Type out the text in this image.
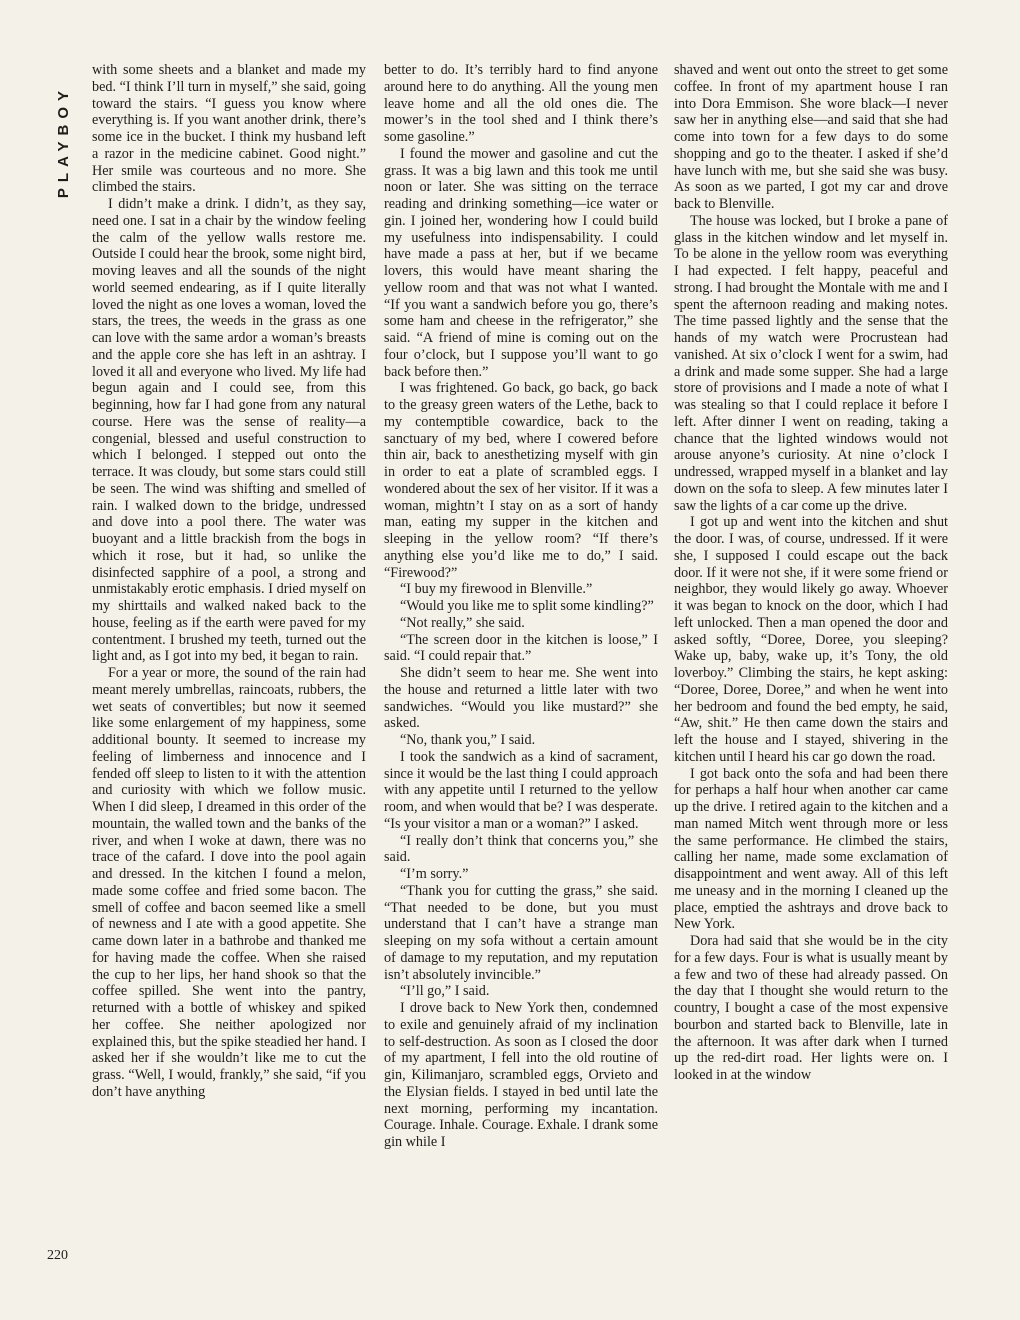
PLAYBOY

with some sheets and a blanket and made my bed. “I think I’ll turn in myself,” she said, going toward the stairs. “I guess you know where everything is. If you want another drink, there’s some ice in the bucket. I think my husband left a razor in the medicine cabinet. Good night.” Her smile was courteous and no more. She climbed the stairs.

I didn’t make a drink. I didn’t, as they say, need one. I sat in a chair by the window feeling the calm of the yellow walls restore me. Outside I could hear the brook, some night bird, moving leaves and all the sounds of the night world seemed endearing, as if I quite literally loved the night as one loves a woman, loved the stars, the trees, the weeds in the grass as one can love with the same ardor a woman’s breasts and the apple core she has left in an ashtray. I loved it all and everyone who lived. My life had begun again and I could see, from this beginning, how far I had gone from any natural course. Here was the sense of reality—a congenial, blessed and useful construction to which I belonged. I stepped out onto the terrace. It was cloudy, but some stars could still be seen. The wind was shifting and smelled of rain. I walked down to the bridge, undressed and dove into a pool there. The water was buoyant and a little brackish from the bogs in which it rose, but it had, so unlike the disinfected sapphire of a pool, a strong and unmistakably erotic emphasis. I dried myself on my shirttails and walked naked back to the house, feeling as if the earth were paved for my contentment. I brushed my teeth, turned out the light and, as I got into my bed, it began to rain.

For a year or more, the sound of the rain had meant merely umbrellas, raincoats, rubbers, the wet seats of convertibles; but now it seemed like some enlargement of my happiness, some additional bounty. It seemed to increase my feeling of limberness and innocence and I fended off sleep to listen to it with the attention and curiosity with which we follow music. When I did sleep, I dreamed in this order of the mountain, the walled town and the banks of the river, and when I woke at dawn, there was no trace of the cafard. I dove into the pool again and dressed. In the kitchen I found a melon, made some coffee and fried some bacon. The smell of coffee and bacon seemed like a smell of newness and I ate with a good appetite. She came down later in a bathrobe and thanked me for having made the coffee. When she raised the cup to her lips, her hand shook so that the coffee spilled. She went into the pantry, returned with a bottle of whiskey and spiked her coffee. She neither apologized nor explained this, but the spike steadied her hand. I asked her if she wouldn’t like me to cut the grass. “Well, I would, frankly,” she said, “if you don’t have anything

better to do. It’s terribly hard to find anyone around here to do anything. All the young men leave home and all the old ones die. The mower’s in the tool shed and I think there’s some gasoline.”

I found the mower and gasoline and cut the grass. It was a big lawn and this took me until noon or later. She was sitting on the terrace reading and drinking something—ice water or gin. I joined her, wondering how I could build my usefulness into indispensability. I could have made a pass at her, but if we became lovers, this would have meant sharing the yellow room and that was not what I wanted. “If you want a sandwich before you go, there’s some ham and cheese in the refrigerator,” she said. “A friend of mine is coming out on the four o’clock, but I suppose you’ll want to go back before then.”

I was frightened. Go back, go back, go back to the greasy green waters of the Lethe, back to my contemptible cowardice, back to the sanctuary of my bed, where I cowered before thin air, back to anesthetizing myself with gin in order to eat a plate of scrambled eggs. I wondered about the sex of her visitor. If it was a woman, mightn’t I stay on as a sort of handy man, eating my supper in the kitchen and sleeping in the yellow room? “If there’s anything else you’d like me to do,” I said. “Firewood?”

“I buy my firewood in Blenville.”

“Would you like me to split some kindling?”

“Not really,” she said.

“The screen door in the kitchen is loose,” I said. “I could repair that.”

She didn’t seem to hear me. She went into the house and returned a little later with two sandwiches. “Would you like mustard?” she asked.

“No, thank you,” I said.

I took the sandwich as a kind of sacrament, since it would be the last thing I could approach with any appetite until I returned to the yellow room, and when would that be? I was desperate. “Is your visitor a man or a woman?” I asked.

“I really don’t think that concerns you,” she said.

“I’m sorry.”

“Thank you for cutting the grass,” she said. “That needed to be done, but you must understand that I can’t have a strange man sleeping on my sofa without a certain amount of damage to my reputation, and my reputation isn’t absolutely invincible.”

“I’ll go,” I said.

I drove back to New York then, condemned to exile and genuinely afraid of my inclination to self-destruction. As soon as I closed the door of my apartment, I fell into the old routine of gin, Kilimanjaro, scrambled eggs, Orvieto and the Elysian fields. I stayed in bed until late the next morning, performing my incantation. Courage. Inhale. Courage. Exhale. I drank some gin while I

shaved and went out onto the street to get some coffee. In front of my apartment house I ran into Dora Emmison. She wore black—I never saw her in anything else—and said that she had come into town for a few days to do some shopping and go to the theater. I asked if she’d have lunch with me, but she said she was busy. As soon as we parted, I got my car and drove back to Blenville.

The house was locked, but I broke a pane of glass in the kitchen window and let myself in. To be alone in the yellow room was everything I had expected. I felt happy, peaceful and strong. I had brought the Montale with me and I spent the afternoon reading and making notes. The time passed lightly and the sense that the hands of my watch were Procrustean had vanished. At six o’clock I went for a swim, had a drink and made some supper. She had a large store of provisions and I made a note of what I was stealing so that I could replace it before I left. After dinner I went on reading, taking a chance that the lighted windows would not arouse anyone’s curiosity. At nine o’clock I undressed, wrapped myself in a blanket and lay down on the sofa to sleep. A few minutes later I saw the lights of a car come up the drive.

I got up and went into the kitchen and shut the door. I was, of course, undressed. If it were she, I supposed I could escape out the back door. If it were not she, if it were some friend or neighbor, they would likely go away. Whoever it was began to knock on the door, which I had left unlocked. Then a man opened the door and asked softly, “Doree, Doree, you sleeping? Wake up, baby, wake up, it’s Tony, the old loverboy.” Climbing the stairs, he kept asking: “Doree, Doree, Doree,” and when he went into her bedroom and found the bed empty, he said, “Aw, shit.” He then came down the stairs and left the house and I stayed, shivering in the kitchen until I heard his car go down the road.

I got back onto the sofa and had been there for perhaps a half hour when another car came up the drive. I retired again to the kitchen and a man named Mitch went through more or less the same performance. He climbed the stairs, calling her name, made some exclamation of disappointment and went away. All of this left me uneasy and in the morning I cleaned up the place, emptied the ashtrays and drove back to New York.

Dora had said that she would be in the city for a few days. Four is what is usually meant by a few and two of these had already passed. On the day that I thought she would return to the country, I bought a case of the most expensive bourbon and started back to Blenville, late in the afternoon. It was after dark when I turned up the red-dirt road. Her lights were on. I looked in at the window

220
